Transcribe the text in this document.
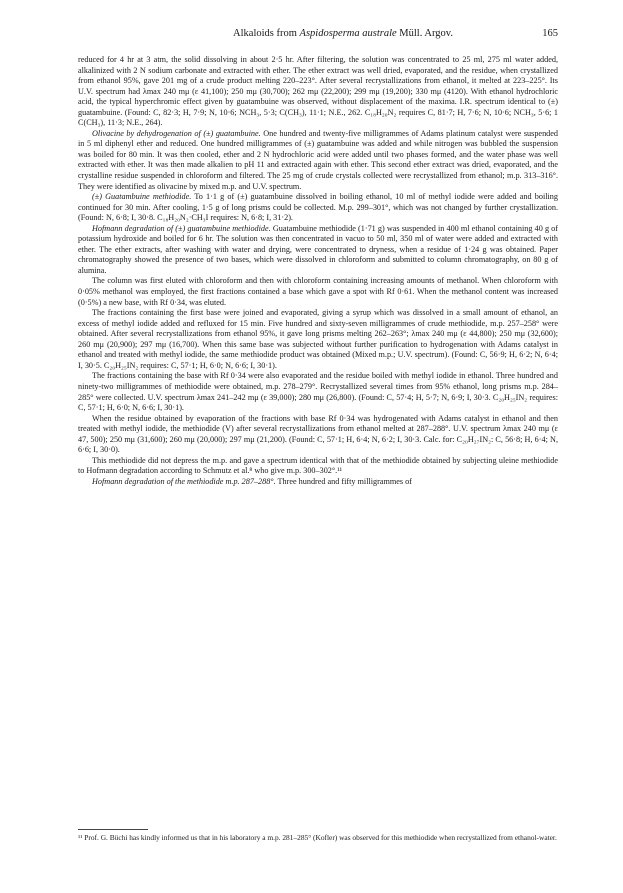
Alkaloids from Aspidosperma australe Müll. Argov.	165

reduced for 4 hr at 3 atm, the solid dissolving in about 2·5 hr. After filtering, the solution was concentrated to 25 ml, 275 ml water added, alkalinized with 2 N sodium carbonate and extracted with ether. The ether extract was well dried, evaporated, and the residue, when crystallized from ethanol 95%, gave 201 mg of a crude product melting 220–223°. After several recrystallizations from ethanol, it melted at 223–225°. Its U.V. spectrum had λmax 240 mμ (ε 41,100); 250 mμ (30,700); 262 mμ (22,200); 299 mμ (19,200); 330 mμ (4120). With ethanol hydrochloric acid, the typical hyperchromic effect given by guatambuine was observed, without displacement of the maxima. I.R. spectrum identical to (±) guatambuine. (Found: C, 82·3; H, 7·9; N, 10·6; NCH₃, 5·3; C(CH₃), 11·1; N.E., 262. C₁₈H₂₀N₂ requires C, 81·7; H, 7·6; N, 10·6; NCH₃, 5·6; 1 C(CH₃), 11·3; N.E., 264).

Olivacine by dehydrogenation of (±) guatambuine. One hundred and twenty-five milligrammes of Adams platinum catalyst were suspended in 5 ml diphenyl ether and reduced. One hundred milligrammes of (±) guatambuine was added and while nitrogen was bubbled the suspension was boiled for 80 min. It was then cooled, ether and 2 N hydrochloric acid were added until two phases formed, and the water phase was well extracted with ether. It was then made alkalien to pH 11 and extracted again with ether. This second ether extract was dried, evaporated, and the crystalline residue suspended in chloroform and filtered. The 25 mg of crude crystals collected were recrystallized from ethanol; m.p. 313–316°. They were identified as olivacine by mixed m.p. and U.V. spectrum.

(±) Guatambuine methiodide. To 1·1 g of (±) guatambuine dissolved in boiling ethanol, 10 ml of methyl iodide were added and boiling continued for 30 min. After cooling, 1·5 g of long prisms could be collected. M.p. 299–301°, which was not changed by further crystallization. (Found: N, 6·8; I, 30·8. C₁₈H₂₀N₂·CH₃I requires: N, 6·8; I, 31·2).

Hofmann degradation of (±) guatambuine methiodide. Guatambuine methiodide (1·71 g) was suspended in 400 ml ethanol containing 40 g of potassium hydroxide and boiled for 6 hr. The solution was then concentrated in vacuo to 50 ml, 350 ml of water were added and extracted with ether. The ether extracts, after washing with water and drying, were concentrated to dryness, when a residue of 1·24 g was obtained. Paper chromatography showed the presence of two bases, which were dissolved in chloroform and submitted to column chromatography, on 80 g of alumina.

The column was first eluted with chloroform and then with chloroform containing increasing amounts of methanol. When chloroform with 0·05% methanol was employed, the first fractions contained a base which gave a spot with Rf 0·61. When the methanol content was increased (0·5%) a new base, with Rf 0·34, was eluted.

The fractions containing the first base were joined and evaporated, giving a syrup which was dissolved in a small amount of ethanol, an excess of methyl iodide added and refluxed for 15 min. Five hundred and sixty-seven milligrammes of crude methiodide, m.p. 257–258° were obtained. After several recrystallizations from ethanol 95%, it gave long prisms melting 262–263°; λmax 240 mμ (ε 44,800); 250 mμ (32,600); 260 mμ (20,900); 297 mμ (16,700). When this same base was subjected without further purification to hydrogenation with Adams catalyst in ethanol and treated with methyl iodide, the same methiodide product was obtained (Mixed m.p.; U.V. spectrum). (Found: C, 56·9; H, 6·2; N, 6·4; I, 30·5. C₂₀H₂₅IN₂ requires: C, 57·1; H, 6·0; N, 6·6; I, 30·1).

The fractions containing the base with Rf 0·34 were also evaporated and the residue boiled with methyl iodide in ethanol. Three hundred and ninety-two milligrammes of methiodide were obtained, m.p. 278–279°. Recrystallized several times from 95% ethanol, long prisms m.p. 284–285° were collected. U.V. spectrum λmax 241–242 mμ (ε 39,000); 280 mμ (26,800). (Found: C, 57·4; H, 5·7; N, 6·9; I, 30·3. C₂₀H₂₅IN₂ requires: C, 57·1; H, 6·0; N, 6·6; I, 30·1).

When the residue obtained by evaporation of the fractions with base Rf 0·34 was hydrogenated with Adams catalyst in ethanol and then treated with methyl iodide, the methiodide (V) after several recrystallizations from ethanol melted at 287–288°. U.V. spectrum λmax 240 mμ (ε 47, 500); 250 mμ (31,600); 260 mμ (20,000); 297 mμ (21,200). (Found: C, 57·1; H, 6·4; N, 6·2; I, 30·3. Calc. for: C₂₀H₂₇IN₂: C, 56·8; H, 6·4; N, 6·6; I, 30·0).

This methiodide did not depress the m.p. and gave a spectrum identical with that of the methiodide obtained by subjecting uleine methiodide to Hofmann degradation according to Schmutz et al.⁸ who give m.p. 300–302°.¹¹

Hofmann degradation of the methiodide m.p. 287–288°. Three hundred and fifty milligrammes of

¹¹ Prof. G. Büchi has kindly informed us that in his laboratory a m.p. 281–285° (Kofler) was observed for this methiodide when recrystallized from ethanol-water.
